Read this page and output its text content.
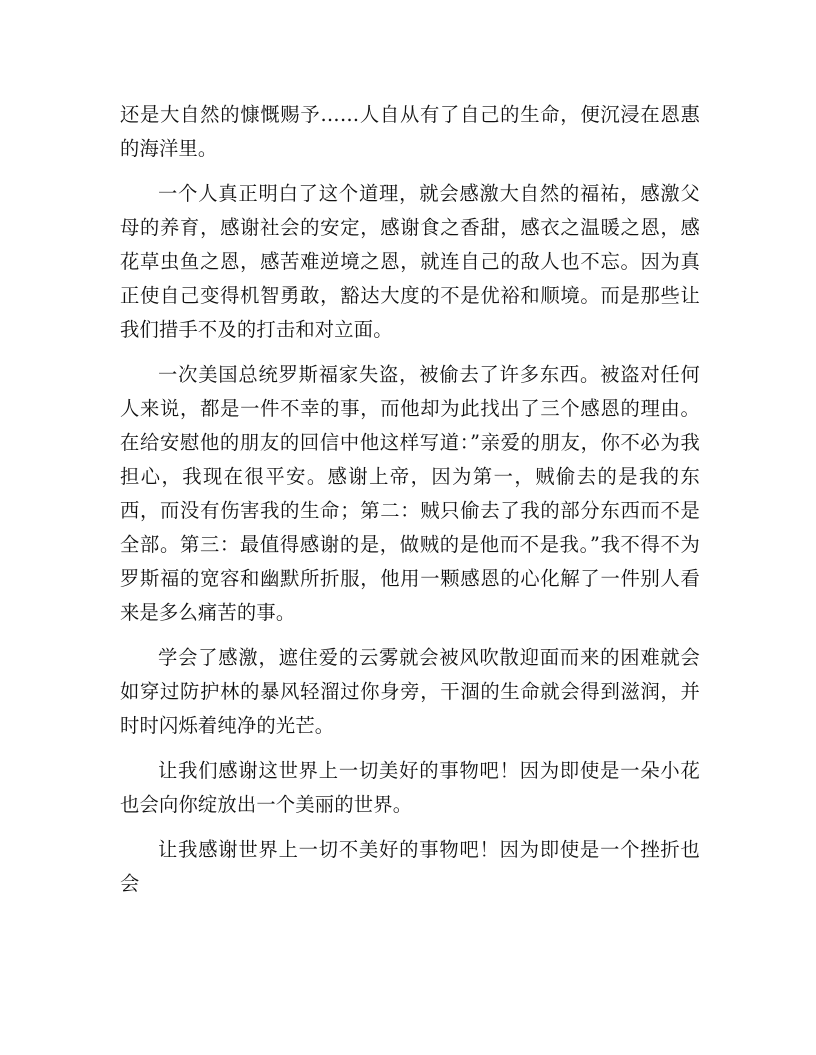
还是大自然的慷慨赐予……人自从有了自己的生命，便沉浸在恩惠的海洋里。

一个人真正明白了这个道理，就会感激大自然的福祐，感激父母的养育，感谢社会的安定，感谢食之香甜，感衣之温暖之恩，感花草虫鱼之恩，感苦难逆境之恩，就连自己的敌人也不忘。因为真正使自己变得机智勇敢，豁达大度的不是优裕和顺境。而是那些让我们措手不及的打击和对立面。

一次美国总统罗斯福家失盗，被偷去了许多东西。被盗对任何人来说，都是一件不幸的事，而他却为此找出了三个感恩的理由。在给安慰他的朋友的回信中他这样写道：”亲爱的朋友，你不必为我担心，我现在很平安。感谢上帝，因为第一，贼偷去的是我的东西，而没有伤害我的生命；第二：贼只偷去了我的部分东西而不是全部。第三：最值得感谢的是，做贼的是他而不是我。”我不得不为罗斯福的宽容和幽默所折服，他用一颗感恩的心化解了一件别人看来是多么痛苦的事。

学会了感激，遮住爱的云雾就会被风吹散迎面而来的困难就会如穿过防护林的暴风轻溜过你身旁，干涸的生命就会得到滋润，并时时闪烁着纯净的光芒。

让我们感谢这世界上一切美好的事物吧！因为即使是一朵小花也会向你绽放出一个美丽的世界。

让我感谢世界上一切不美好的事物吧！因为即使是一个挫折也会
